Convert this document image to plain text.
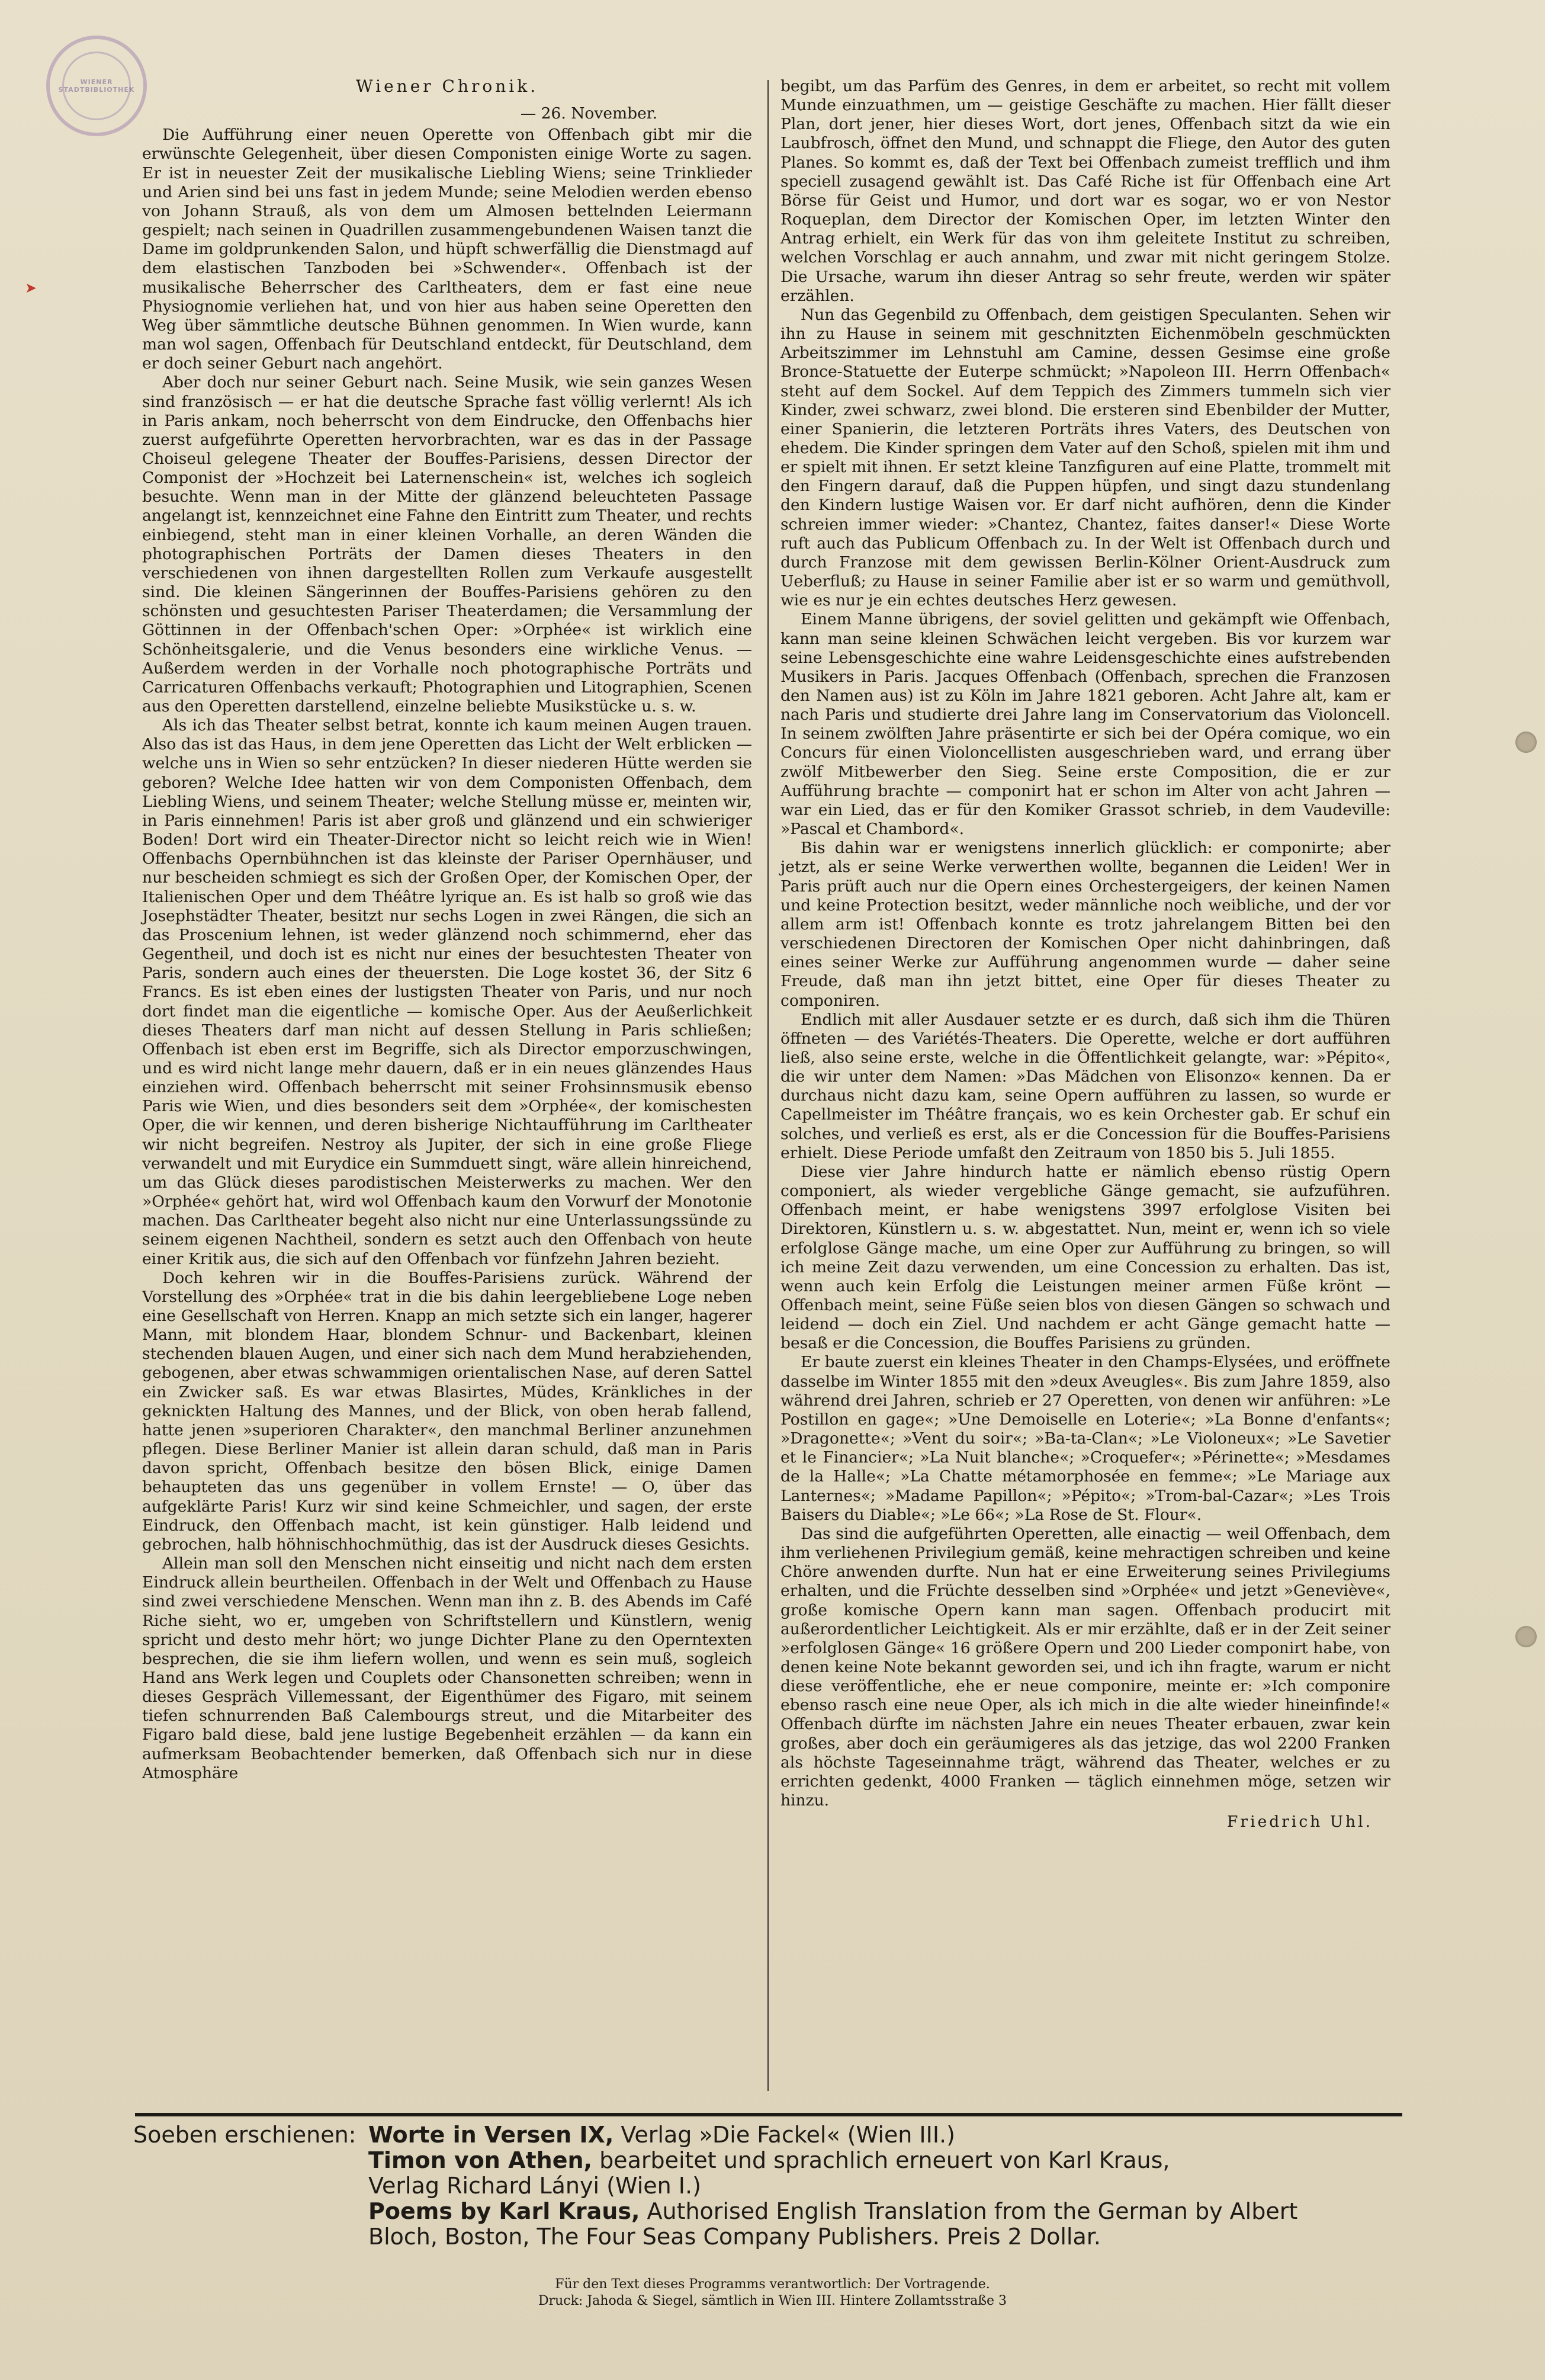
WIENER STADTBIBLIOTHEK
➤

Wiener Chronik.

— 26. November.

Die Aufführung einer neuen Operette von Offenbach gibt mir die erwünschte Gelegenheit, über diesen Componisten einige Worte zu sagen. Er ist in neuester Zeit der musikalische Liebling Wiens; seine Trinklieder und Arien sind bei uns fast in jedem Munde; seine Melodien werden ebenso von Johann Strauß, als von dem um Almosen bettelnden Leiermann gespielt; nach seinen in Quadrillen zusammengebundenen Waisen tanzt die Dame im goldprunkenden Salon, und hüpft schwerfällig die Dienstmagd auf dem elastischen Tanzboden bei »Schwender«. Offenbach ist der musikalische Beherrscher des Carltheaters, dem er fast eine neue Physiognomie verliehen hat, und von hier aus haben seine Operetten den Weg über sämmtliche deutsche Bühnen genommen. In Wien wurde, kann man wol sagen, Offenbach für Deutschland entdeckt, für Deutschland, dem er doch seiner Geburt nach angehört.

Aber doch nur seiner Geburt nach. Seine Musik, wie sein ganzes Wesen sind französisch — er hat die deutsche Sprache fast völlig verlernt! Als ich in Paris ankam, noch beherrscht von dem Eindrucke, den Offenbachs hier zuerst aufgeführte Operetten hervorbrachten, war es das in der Passage Choiseul gelegene Theater der Bouffes-Parisiens, dessen Director der Componist der »Hochzeit bei Laternenschein« ist, welches ich sogleich besuchte. Wenn man in der Mitte der glänzend beleuchteten Passage angelangt ist, kennzeichnet eine Fahne den Eintritt zum Theater, und rechts einbiegend, steht man in einer kleinen Vorhalle, an deren Wänden die photographischen Porträts der Damen dieses Theaters in den verschiedenen von ihnen dargestellten Rollen zum Verkaufe ausgestellt sind. Die kleinen Sängerinnen der Bouffes-Parisiens gehören zu den schönsten und gesuchtesten Pariser Theaterdamen; die Versammlung der Göttinnen in der Offenbach'schen Oper: »Orphée« ist wirklich eine Schönheitsgalerie, und die Venus besonders eine wirkliche Venus. — Außerdem werden in der Vorhalle noch photographische Porträts und Carricaturen Offenbachs verkauft; Photographien und Litographien, Scenen aus den Operetten darstellend, einzelne beliebte Musikstücke u. s. w.

Als ich das Theater selbst betrat, konnte ich kaum meinen Augen trauen. Also das ist das Haus, in dem jene Operetten das Licht der Welt erblicken — welche uns in Wien so sehr entzücken? In dieser niederen Hütte werden sie geboren? Welche Idee hatten wir von dem Componisten Offenbach, dem Liebling Wiens, und seinem Theater; welche Stellung müsse er, meinten wir, in Paris einnehmen! Paris ist aber groß und glänzend und ein schwieriger Boden! Dort wird ein Theater-Director nicht so leicht reich wie in Wien! Offenbachs Opernbühnchen ist das kleinste der Pariser Opernhäuser, und nur bescheiden schmiegt es sich der Großen Oper, der Komischen Oper, der Italienischen Oper und dem Théâtre lyrique an. Es ist halb so groß wie das Josephstädter Theater, besitzt nur sechs Logen in zwei Rängen, die sich an das Proscenium lehnen, ist weder glänzend noch schimmernd, eher das Gegentheil, und doch ist es nicht nur eines der besuchtesten Theater von Paris, sondern auch eines der theuersten. Die Loge kostet 36, der Sitz 6 Francs. Es ist eben eines der lustigsten Theater von Paris, und nur noch dort findet man die eigentliche — komische Oper. Aus der Aeußerlichkeit dieses Theaters darf man nicht auf dessen Stellung in Paris schließen; Offenbach ist eben erst im Begriffe, sich als Director emporzuschwingen, und es wird nicht lange mehr dauern, daß er in ein neues glänzendes Haus einziehen wird. Offenbach beherrscht mit seiner Frohsinnsmusik ebenso Paris wie Wien, und dies besonders seit dem »Orphée«, der komischesten Oper, die wir kennen, und deren bisherige Nichtaufführung im Carltheater wir nicht begreifen. Nestroy als Jupiter, der sich in eine große Fliege verwandelt und mit Eurydice ein Summduett singt, wäre allein hinreichend, um das Glück dieses parodistischen Meisterwerks zu machen. Wer den »Orphée« gehört hat, wird wol Offenbach kaum den Vorwurf der Monotonie machen. Das Carltheater begeht also nicht nur eine Unterlassungssünde zu seinem eigenen Nachtheil, sondern es setzt auch den Offenbach von heute einer Kritik aus, die sich auf den Offenbach vor fünfzehn Jahren bezieht.

Doch kehren wir in die Bouffes-Parisiens zurück. Während der Vorstellung des »Orphée« trat in die bis dahin leergebliebene Loge neben eine Gesellschaft von Herren. Knapp an mich setzte sich ein langer, hagerer Mann, mit blondem Haar, blondem Schnur- und Backenbart, kleinen stechenden blauen Augen, und einer sich nach dem Mund herabziehenden, gebogenen, aber etwas schwammigen orientalischen Nase, auf deren Sattel ein Zwicker saß. Es war etwas Blasirtes, Müdes, Kränkliches in der geknickten Haltung des Mannes, und der Blick, von oben herab fallend, hatte jenen »superioren Charakter«, den manchmal Berliner anzunehmen pflegen. Diese Berliner Manier ist allein daran schuld, daß man in Paris davon spricht, Offenbach besitze den bösen Blick, einige Damen behaupteten das uns gegenüber in vollem Ernste! — O, über das aufgeklärte Paris! Kurz wir sind keine Schmeichler, und sagen, der erste Eindruck, den Offenbach macht, ist kein günstiger. Halb leidend und gebrochen, halb höhnischhochmüthig, das ist der Ausdruck dieses Gesichts.

Allein man soll den Menschen nicht einseitig und nicht nach dem ersten Eindruck allein beurtheilen. Offenbach in der Welt und Offenbach zu Hause sind zwei verschiedene Menschen. Wenn man ihn z. B. des Abends im Café Riche sieht, wo er, umgeben von Schriftstellern und Künstlern, wenig spricht und desto mehr hört; wo junge Dichter Plane zu den Operntexten besprechen, die sie ihm liefern wollen, und wenn es sein muß, sogleich Hand ans Werk legen und Couplets oder Chansonetten schreiben; wenn in dieses Gespräch Villemessant, der Eigenthümer des Figaro, mit seinem tiefen schnurrenden Baß Calembourgs streut, und die Mitarbeiter des Figaro bald diese, bald jene lustige Begebenheit erzählen — da kann ein aufmerksam Beobachtender bemerken, daß Offenbach sich nur in diese Atmosphäre

begibt, um das Parfüm des Genres, in dem er arbeitet, so recht mit vollem Munde einzuathmen, um — geistige Geschäfte zu machen. Hier fällt dieser Plan, dort jener, hier dieses Wort, dort jenes, Offenbach sitzt da wie ein Laubfrosch, öffnet den Mund, und schnappt die Fliege, den Autor des guten Planes. So kommt es, daß der Text bei Offenbach zumeist trefflich und ihm speciell zusagend gewählt ist. Das Café Riche ist für Offenbach eine Art Börse für Geist und Humor, und dort war es sogar, wo er von Nestor Roqueplan, dem Director der Komischen Oper, im letzten Winter den Antrag erhielt, ein Werk für das von ihm geleitete Institut zu schreiben, welchen Vorschlag er auch annahm, und zwar mit nicht geringem Stolze. Die Ursache, warum ihn dieser Antrag so sehr freute, werden wir später erzählen.

Nun das Gegenbild zu Offenbach, dem geistigen Speculanten. Sehen wir ihn zu Hause in seinem mit geschnitzten Eichenmöbeln geschmückten Arbeitszimmer im Lehnstuhl am Camine, dessen Gesimse eine große Bronce-Statuette der Euterpe schmückt; »Napoleon III. Herrn Offenbach« steht auf dem Sockel. Auf dem Teppich des Zimmers tummeln sich vier Kinder, zwei schwarz, zwei blond. Die ersteren sind Ebenbilder der Mutter, einer Spanierin, die letzteren Porträts ihres Vaters, des Deutschen von ehedem. Die Kinder springen dem Vater auf den Schoß, spielen mit ihm und er spielt mit ihnen. Er setzt kleine Tanzfiguren auf eine Platte, trommelt mit den Fingern darauf, daß die Puppen hüpfen, und singt dazu stundenlang den Kindern lustige Waisen vor. Er darf nicht aufhören, denn die Kinder schreien immer wieder: »Chantez, Chantez, faites danser!« Diese Worte ruft auch das Publicum Offenbach zu. In der Welt ist Offenbach durch und durch Franzose mit dem gewissen Berlin-Kölner Orient-Ausdruck zum Ueberfluß; zu Hause in seiner Familie aber ist er so warm und gemüthvoll, wie es nur je ein echtes deutsches Herz gewesen.

Einem Manne übrigens, der soviel gelitten und gekämpft wie Offenbach, kann man seine kleinen Schwächen leicht vergeben. Bis vor kurzem war seine Lebensgeschichte eine wahre Leidensgeschichte eines aufstrebenden Musikers in Paris. Jacques Offenbach (Offenbach, sprechen die Franzosen den Namen aus) ist zu Köln im Jahre 1821 geboren. Acht Jahre alt, kam er nach Paris und studierte drei Jahre lang im Conservatorium das Violoncell. In seinem zwölften Jahre präsentirte er sich bei der Opéra comique, wo ein Concurs für einen Violoncellisten ausgeschrieben ward, und errang über zwölf Mitbewerber den Sieg. Seine erste Composition, die er zur Aufführung brachte — componirt hat er schon im Alter von acht Jahren — war ein Lied, das er für den Komiker Grassot schrieb, in dem Vaudeville: »Pascal et Chambord«.

Bis dahin war er wenigstens innerlich glücklich: er componirte; aber jetzt, als er seine Werke verwerthen wollte, begannen die Leiden! Wer in Paris prüft auch nur die Opern eines Orchestergeigers, der keinen Namen und keine Protection besitzt, weder männliche noch weibliche, und der vor allem arm ist! Offenbach konnte es trotz jahrelangem Bitten bei den verschiedenen Directoren der Komischen Oper nicht dahinbringen, daß eines seiner Werke zur Aufführung angenommen wurde — daher seine Freude, daß man ihn jetzt bittet, eine Oper für dieses Theater zu componiren.

Endlich mit aller Ausdauer setzte er es durch, daß sich ihm die Thüren öffneten — des Variétés-Theaters. Die Operette, welche er dort aufführen ließ, also seine erste, welche in die Öffentlichkeit gelangte, war: »Pépito«, die wir unter dem Namen: »Das Mädchen von Elisonzo« kennen. Da er durchaus nicht dazu kam, seine Opern aufführen zu lassen, so wurde er Capellmeister im Théâtre français, wo es kein Orchester gab. Er schuf ein solches, und verließ es erst, als er die Concession für die Bouffes-Parisiens erhielt. Diese Periode umfaßt den Zeitraum von 1850 bis 5. Juli 1855.

Diese vier Jahre hindurch hatte er nämlich ebenso rüstig Opern componiert, als wieder vergebliche Gänge gemacht, sie aufzuführen. Offenbach meint, er habe wenigstens 3997 erfolglose Visiten bei Direktoren, Künstlern u. s. w. abgestattet. Nun, meint er, wenn ich so viele erfolglose Gänge mache, um eine Oper zur Aufführung zu bringen, so will ich meine Zeit dazu verwenden, um eine Concession zu erhalten. Das ist, wenn auch kein Erfolg die Leistungen meiner armen Füße krönt — Offenbach meint, seine Füße seien blos von diesen Gängen so schwach und leidend — doch ein Ziel. Und nachdem er acht Gänge gemacht hatte — besaß er die Concession, die Bouffes Parisiens zu gründen.

Er baute zuerst ein kleines Theater in den Champs-Elysées, und eröffnete dasselbe im Winter 1855 mit den »deux Aveugles«. Bis zum Jahre 1859, also während drei Jahren, schrieb er 27 Operetten, von denen wir anführen: »Le Postillon en gage«; »Une Demoiselle en Loterie«; »La Bonne d'enfants«; »Dragonette«; »Vent du soir«; »Ba-ta-Clan«; »Le Violoneux«; »Le Savetier et le Financier«; »La Nuit blanche«; »Croquefer«; »Périnette«; »Mesdames de la Halle«; »La Chatte métamorphosée en femme«; »Le Mariage aux Lanternes«; »Madame Papillon«; »Pépito«; »Trom-bal-Cazar«; »Les Trois Baisers du Diable«; »Le 66«; »La Rose de St. Flour«.

Das sind die aufgeführten Operetten, alle einactig — weil Offenbach, dem ihm verliehenen Privilegium gemäß, keine mehractigen schreiben und keine Chöre anwenden durfte. Nun hat er eine Erweiterung seines Privilegiums erhalten, und die Früchte desselben sind »Orphée« und jetzt »Geneviève«, große komische Opern kann man sagen. Offenbach producirt mit außerordentlicher Leichtigkeit. Als er mir erzählte, daß er in der Zeit seiner »erfolglosen Gänge« 16 größere Opern und 200 Lieder componirt habe, von denen keine Note bekannt geworden sei, und ich ihn fragte, warum er nicht diese veröffentliche, ehe er neue componire, meinte er: »Ich componire ebenso rasch eine neue Oper, als ich mich in die alte wieder hineinfinde!« Offenbach dürfte im nächsten Jahre ein neues Theater erbauen, zwar kein großes, aber doch ein geräumigeres als das jetzige, das wol 2200 Franken als höchste Tageseinnahme trägt, während das Theater, welches er zu errichten gedenkt, 4000 Franken — täglich einnehmen möge, setzen wir hinzu.

Friedrich Uhl.

Soeben erschienen: Worte in Versen IX, Verlag »Die Fackel« (Wien III.)
Timon von Athen, bearbeitet und sprachlich erneuert von Karl Kraus,
Verlag Richard Lányi (Wien I.)
Poems by Karl Kraus, Authorised English Translation from the German by Albert
Bloch, Boston, The Four Seas Company Publishers. Preis 2 Dollar.
Für den Text dieses Programms verantwortlich: Der Vortragende.
Druck: Jahoda & Siegel, sämtlich in Wien III. Hintere Zollamtsstraße 3
